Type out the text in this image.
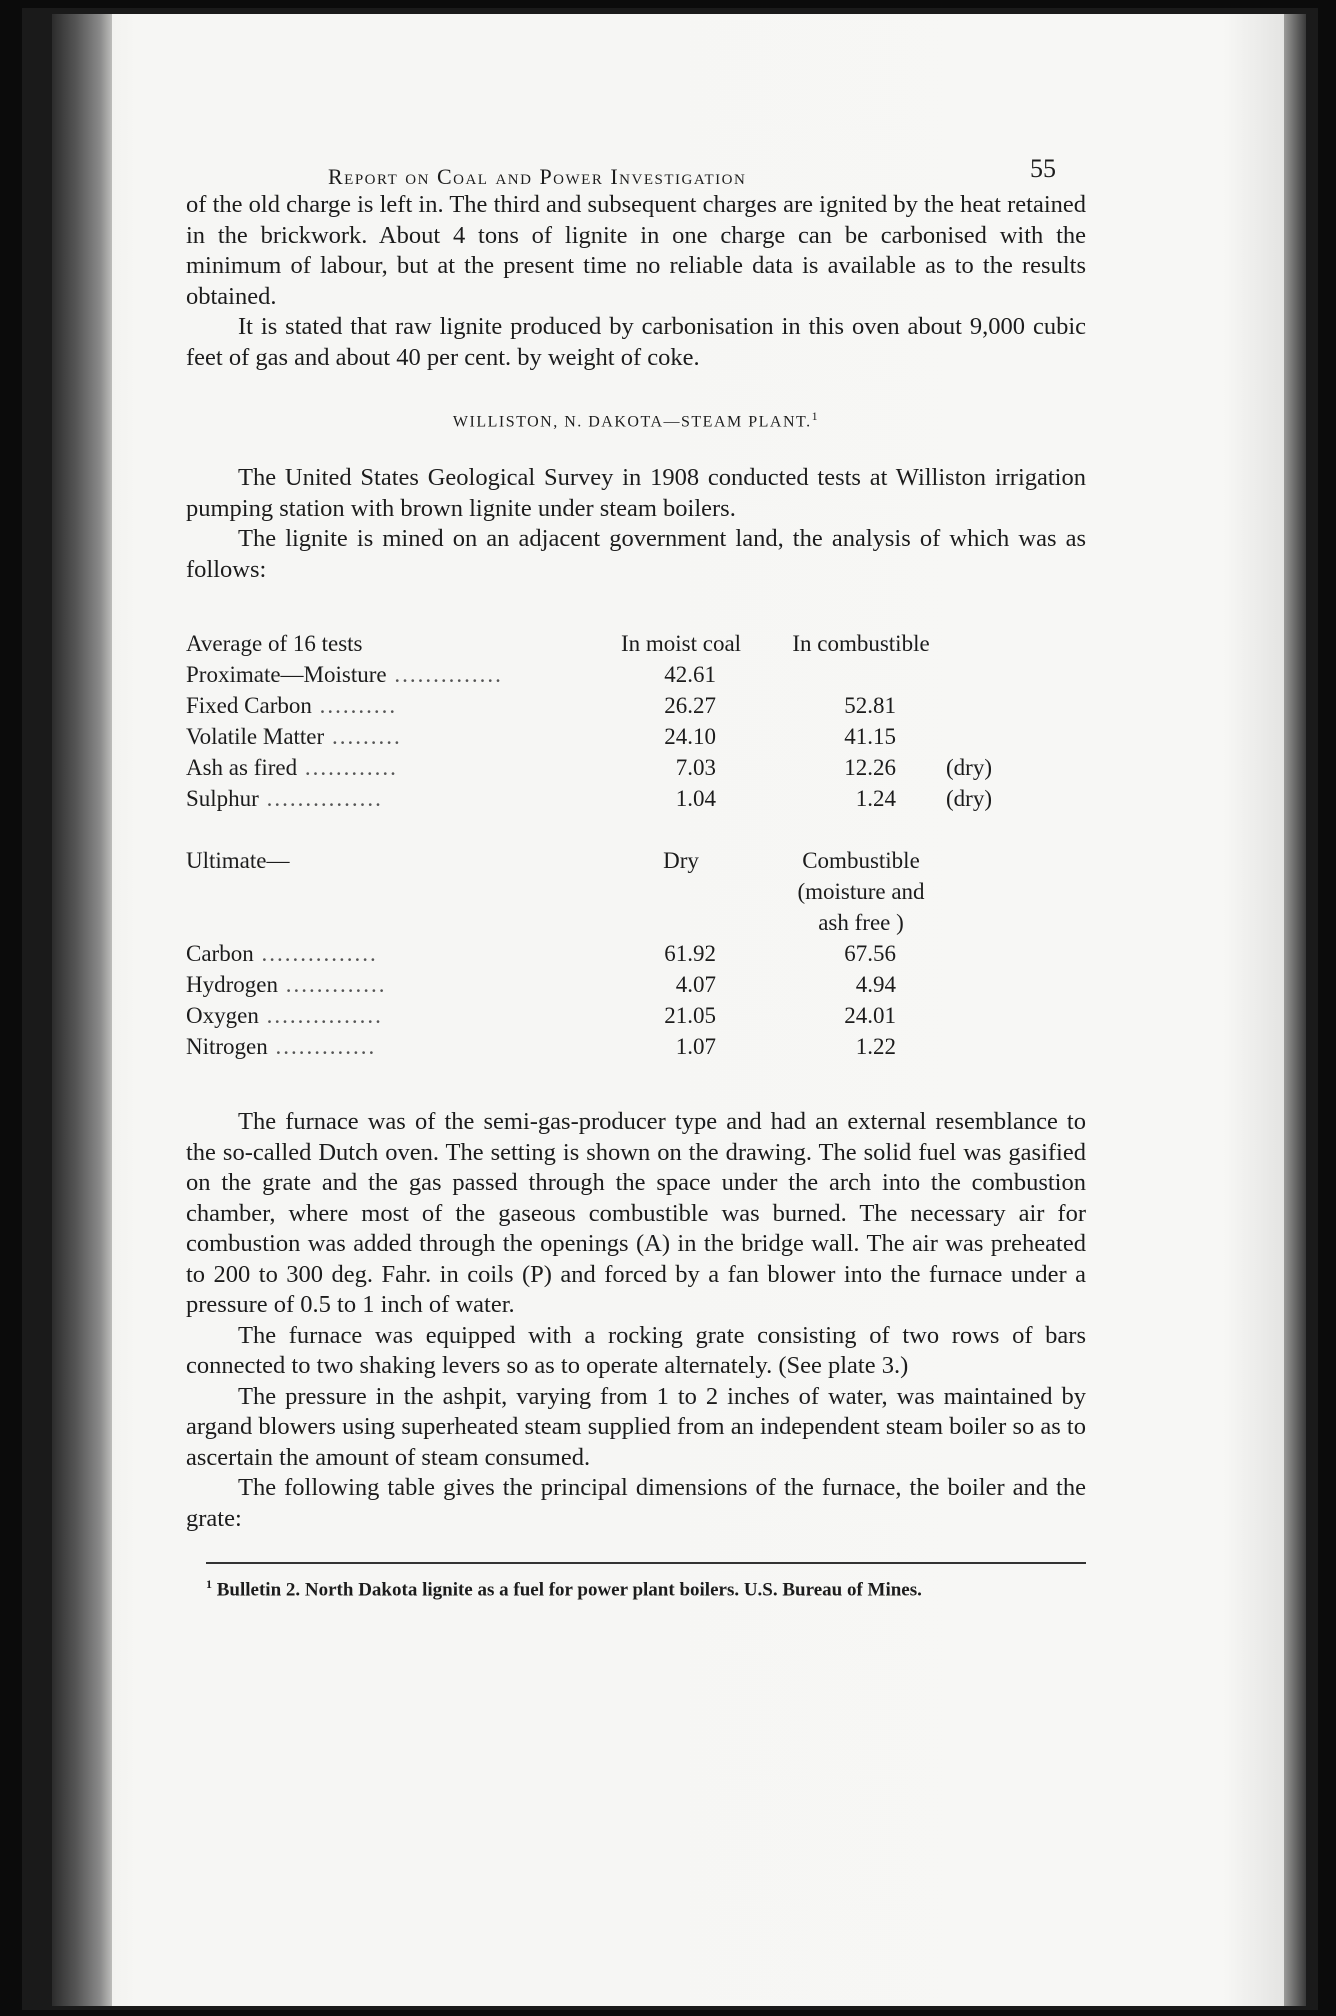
Report on Coal and Power Investigation	55

of the old charge is left in. The third and subsequent charges are ignited by the heat retained in the brickwork. About 4 tons of lignite in one charge can be carbonised with the minimum of labour, but at the present time no reliable data is available as to the results obtained.

It is stated that raw lignite produced by carbonisation in this oven about 9,000 cubic feet of gas and about 40 per cent. by weight of coke.

WILLISTON, N. DAKOTA—STEAM PLANT.$^1$

The United States Geological Survey in 1908 conducted tests at Williston irrigation pumping station with brown lignite under steam boilers.

The lignite is mined on an adjacent government land, the analysis of which was as follows:

Average of 16 tests	In moist coal	In combustible	
Proximate—Moisture ..............	42.61		
Fixed Carbon ..........	26.27	52.81	
Volatile Matter .........	24.10	41.15	
Ash as fired ............	7.03	12.26	(dry)
Sulphur ...............	1.04	1.24	(dry)

Ultimate—	Dry	Combustible	
		(moisture and	
		ash free )	
Carbon ...............	61.92	67.56	
Hydrogen .............	4.07	4.94	
Oxygen ...............	21.05	24.01	
Nitrogen .............	1.07	1.22	

The furnace was of the semi-gas-producer type and had an external resemblance to the so-called Dutch oven. The setting is shown on the drawing. The solid fuel was gasified on the grate and the gas passed through the space under the arch into the combustion chamber, where most of the gaseous combustible was burned. The necessary air for combustion was added through the openings (A) in the bridge wall. The air was preheated to 200 to 300 deg. Fahr. in coils (P) and forced by a fan blower into the furnace under a pressure of 0.5 to 1 inch of water.

The furnace was equipped with a rocking grate consisting of two rows of bars connected to two shaking levers so as to operate alternately. (See plate 3.)

The pressure in the ashpit, varying from 1 to 2 inches of water, was maintained by argand blowers using superheated steam supplied from an independent steam boiler so as to ascertain the amount of steam consumed.

The following table gives the principal dimensions of the furnace, the boiler and the grate:

$^1$ Bulletin 2. North Dakota lignite as a fuel for power plant boilers. U.S. Bureau of Mines.
